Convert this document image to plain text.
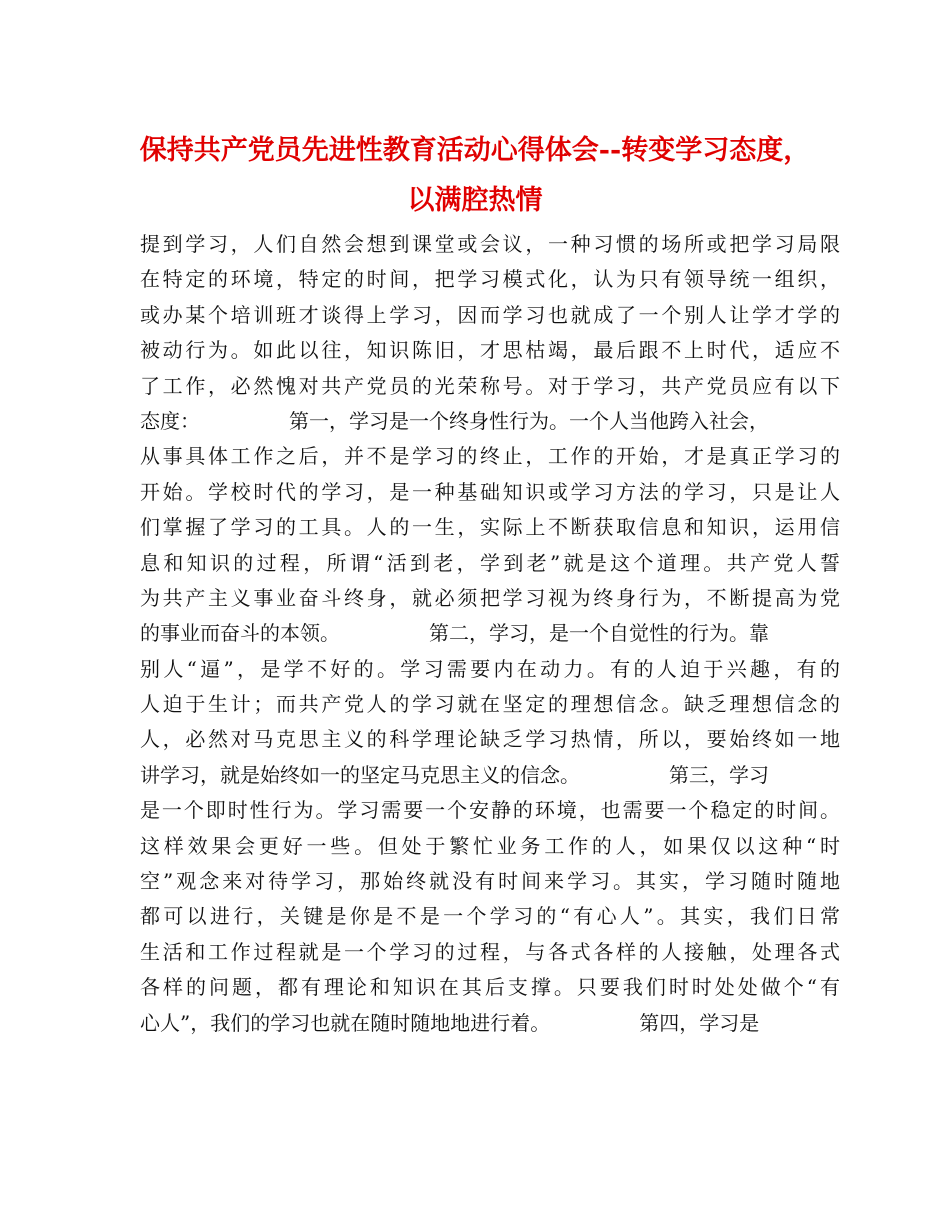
保持共产党员先进性教育活动心得体会--转变学习态度，
以满腔热情
提到学习，人们自然会想到课堂或会议，一种习惯的场所或把学习局限
在特定的环境，特定的时间，把学习模式化，认为只有领导统一组织，
或办某个培训班才谈得上学习，因而学习也就成了一个别人让学才学的
被动行为。如此以往，知识陈旧，才思枯竭，最后跟不上时代，适应不
了工作，必然愧对共产党员的光荣称号。对于学习，共产党员应有以下
态度：              第一，学习是一个终身性行为。一个人当他跨入社会，
从事具体工作之后，并不是学习的终止，工作的开始，才是真正学习的
开始。学校时代的学习，是一种基础知识或学习方法的学习，只是让人
们掌握了学习的工具。人的一生，实际上不断获取信息和知识，运用信
息和知识的过程，所谓“活到老，学到老”就是这个道理。共产党人誓
为共产主义事业奋斗终身，就必须把学习视为终身行为，不断提高为党
的事业而奋斗的本领。              第二，学习，是一个自觉性的行为。靠
别人“逼”，是学不好的。学习需要内在动力。有的人迫于兴趣，有的
人迫于生计；而共产党人的学习就在坚定的理想信念。缺乏理想信念的
人，必然对马克思主义的科学理论缺乏学习热情，所以，要始终如一地
讲学习，就是始终如一的坚定马克思主义的信念。              第三，学习
是一个即时性行为。学习需要一个安静的环境，也需要一个稳定的时间。
这样效果会更好一些。但处于繁忙业务工作的人，如果仅以这种“时
空”观念来对待学习，那始终就没有时间来学习。其实，学习随时随地
都可以进行，关键是你是不是一个学习的“有心人”。其实，我们日常
生活和工作过程就是一个学习的过程，与各式各样的人接触，处理各式
各样的问题，都有理论和知识在其后支撑。只要我们时时处处做个“有
心人”，我们的学习也就在随时随地地进行着。              第四，学习是
